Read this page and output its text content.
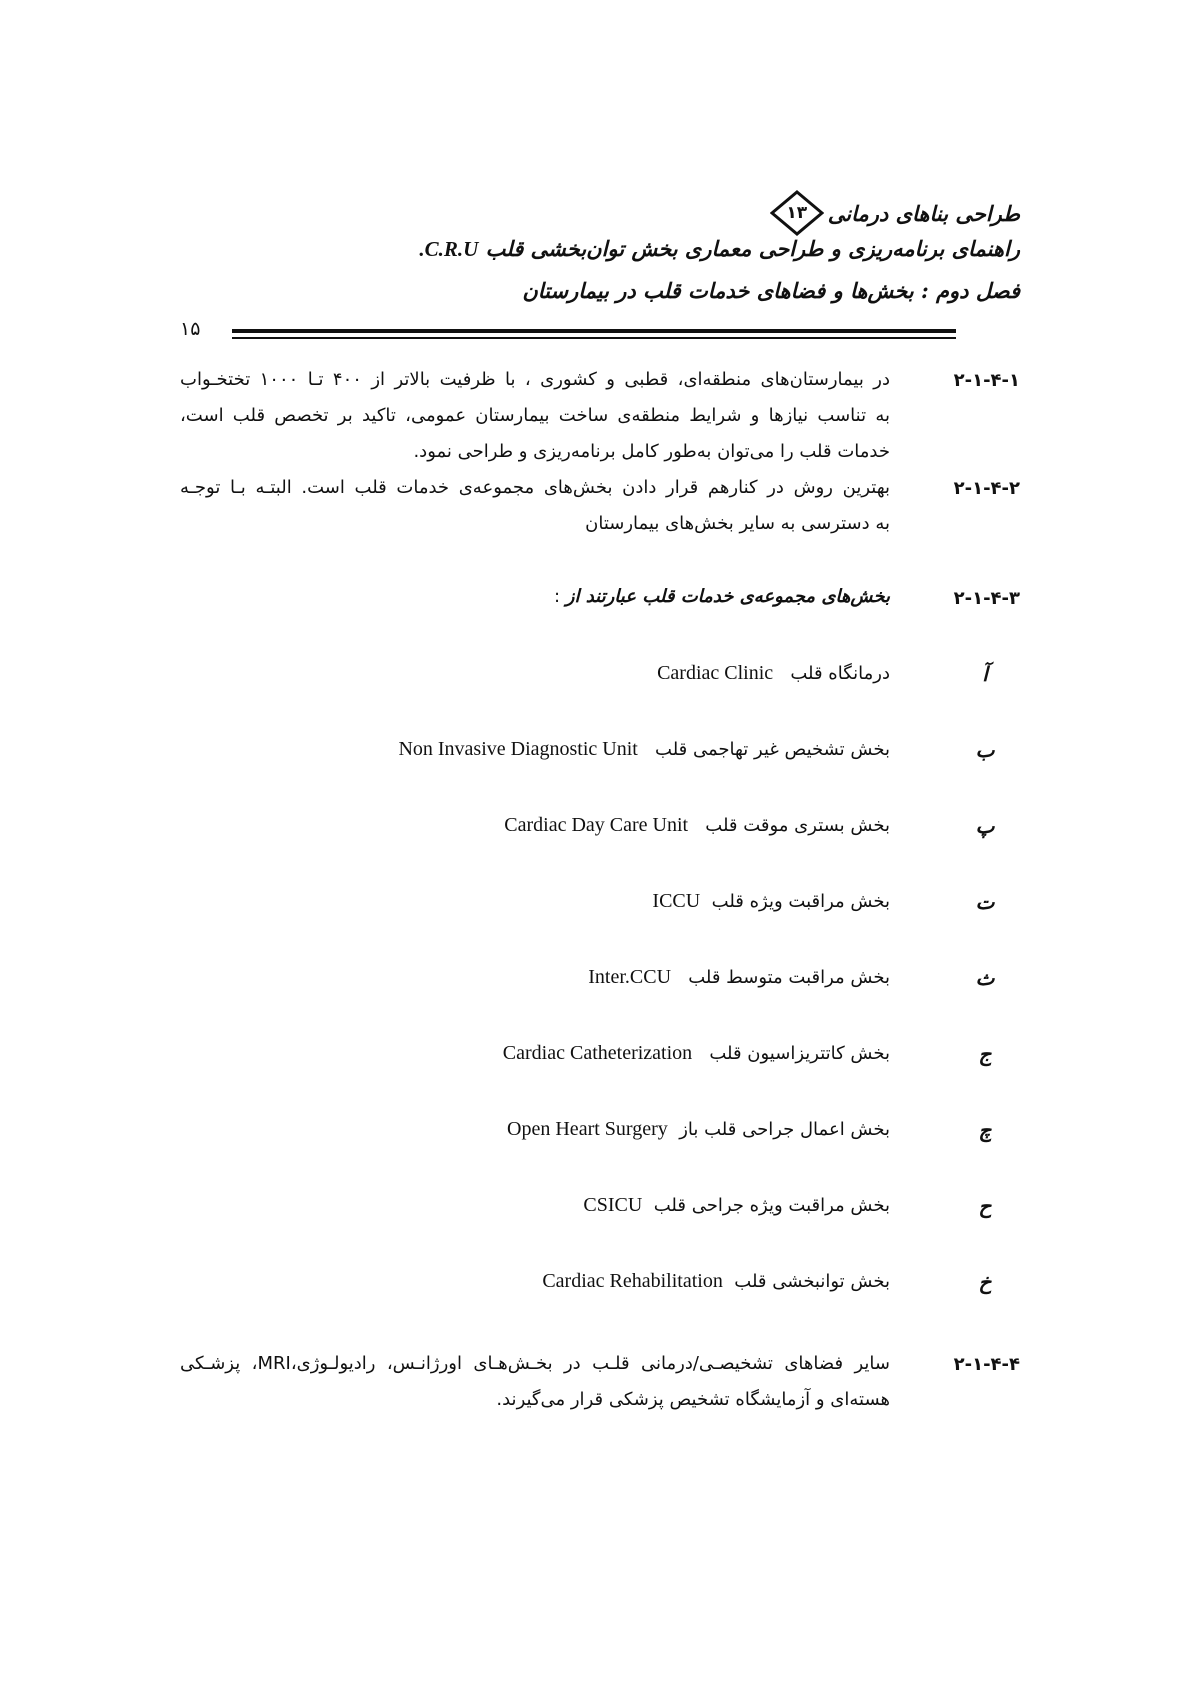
طراحی بناهای درمانی
۱۳
راهنمای برنامه‌ریزی و طراحی معماری بخش توان‌بخشی قلب C.R.U.
فصل دوم : بخش‌ها و فضاهای خدمات قلب در بیمارستان
۱۵
۲-۱-۴-۱
در بیمارستان‌های منطقه‌ای، قطبی و کشوری ، با ظرفیت بالاتر از ۴۰۰ تـا ۱۰۰۰ تختخـواب
به تناسب نیازها و شرایط منطقه‌ی ساخت بیمارستان عمومی، تاکید بر تخصص قلب است، خدمات قلب را می‌توان به‌طور کامل برنامه‌ریزی و طراحی نمود.
۲-۱-۴-۲
بهترین روش در کنارهم قرار دادن بخش‌های مجموعه‌ی خدمات قلب است. البتـه بـا توجـه
به دسترسی به سایر بخش‌های بیمارستان
۲-۱-۴-۳
بخش‌های مجموعه‌ی خدمات قلب عبارتند از :
آ
درمانگاه قلب   Cardiac Clinic
ب
بخش تشخیص غیر تهاجمی قلب   Non Invasive Diagnostic Unit
پ
بخش بستری موقت قلب   Cardiac Day Care Unit
ت
بخش مراقبت ویژه قلب  ICCU
ث
بخش مراقبت متوسط قلب   Inter.CCU
ج
بخش کاتتریزاسیون قلب   Cardiac Catheterization
چ
بخش اعمال جراحی قلب باز  Open Heart Surgery
ح
بخش مراقبت ویژه جراحی قلب  CSICU
خ
بخش توانبخشی قلب  Cardiac Rehabilitation
۲-۱-۴-۴
سایر فضاهای تشخیصـی/درمانی قلـب در بخـش‌هـای اورژانـس، رادیولـوژی،MRI، پزشـکی
هسته‌ای و آزمایشگاه تشخیص پزشکی قرار می‌گیرند.
